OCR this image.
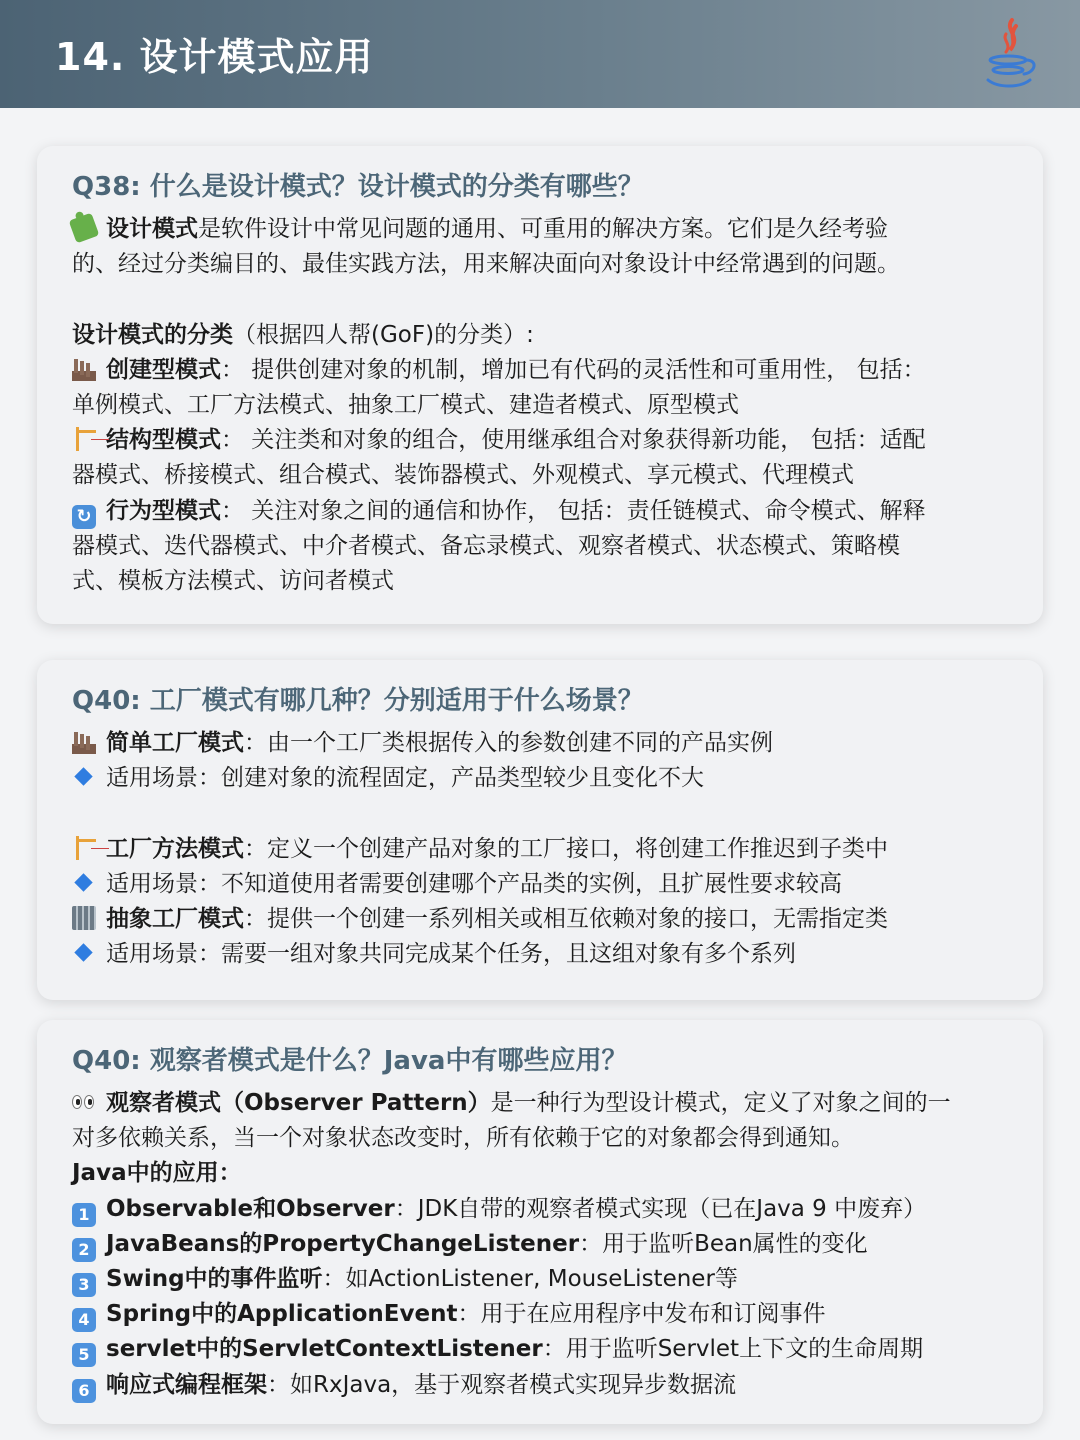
14. 设计模式应用
Q38: 什么是设计模式？设计模式的分类有哪些？
设计模式是软件设计中常见问题的通用、可重用的解决方案。它们是久经考验
的、经过分类编目的、最佳实践方法，用来解决面向对象设计中经常遇到的问题。
设计模式的分类（根据四人帮(GoF)的分类）:
创建型模式： 提供创建对象的机制，增加已有代码的灵活性和可重用性， 包括：
单例模式、工厂方法模式、抽象工厂模式、建造者模式、原型模式
结构型模式： 关注类和对象的组合，使用继承组合对象获得新功能， 包括：适配
器模式、桥接模式、组合模式、装饰器模式、外观模式、享元模式、代理模式
↻ 行为型模式： 关注对象之间的通信和协作， 包括：责任链模式、命令模式、解释
器模式、迭代器模式、中介者模式、备忘录模式、观察者模式、状态模式、策略模
式、模板方法模式、访问者模式
Q40: 工厂模式有哪几种？分别适用于什么场景？
简单工厂模式：由一个工厂类根据传入的参数创建不同的产品实例
适用场景：创建对象的流程固定，产品类型较少且变化不大
工厂方法模式：定义一个创建产品对象的工厂接口，将创建工作推迟到子类中
适用场景：不知道使用者需要创建哪个产品类的实例，且扩展性要求较高
抽象工厂模式：提供一个创建一系列相关或相互依赖对象的接口，无需指定类
适用场景：需要一组对象共同完成某个任务，且这组对象有多个系列
Q40: 观察者模式是什么？Java中有哪些应用？
观察者模式（Observer Pattern）是一种行为型设计模式，定义了对象之间的一
对多依赖关系，当一个对象状态改变时，所有依赖于它的对象都会得到通知。
Java中的应用：
1 Observable和Observer：JDK自带的观察者模式实现（已在Java 9 中废弃）
2 JavaBeans的PropertyChangeListener：用于监听Bean属性的变化
3 Swing中的事件监听：如ActionListener, MouseListener等
4 Spring中的ApplicationEvent：用于在应用程序中发布和订阅事件
5 servlet中的ServletContextListener：用于监听Servlet上下文的生命周期
6 响应式编程框架：如RxJava，基于观察者模式实现异步数据流
